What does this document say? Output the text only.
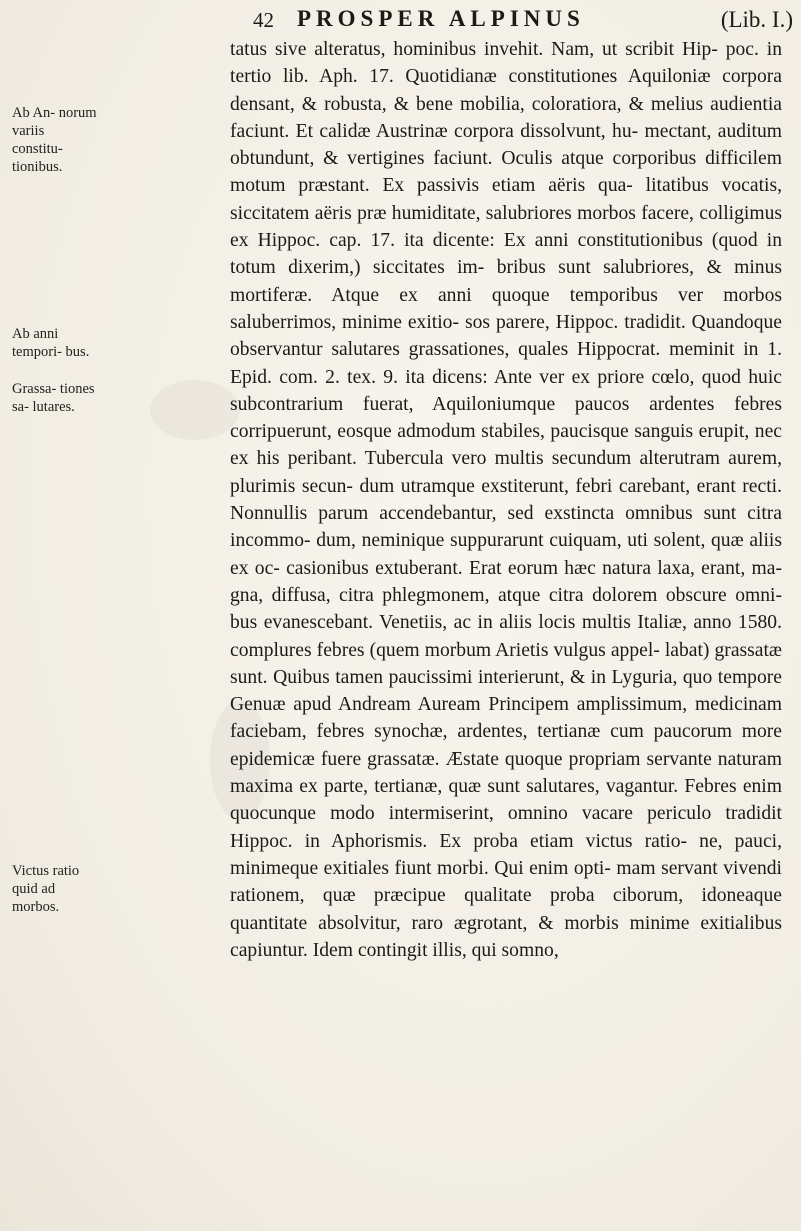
42 PROSPER ALPINUS	(Lib. I.)
Ab An- norum variis constitu- tionibus.
Ab anni tempori- bus.
Grassa- tiones sa- lutares.
Victus ratio quid ad morbos.

tatus sive alteratus, hominibus invehit. Nam, ut scribit Hip- poc. in tertio lib. Aph. 17. Quotidianæ constitutiones Aquiloniæ corpora densant, & robusta, & bene mobilia, coloratiora, & melius audientia faciunt. Et calidæ Austrinæ corpora dissolvunt, hu- mectant, auditum obtundunt, & vertigines faciunt. Oculis atque corporibus difficilem motum præstant. Ex passivis etiam aëris qua- litatibus vocatis, siccitatem aëris præ humiditate, salubriores morbos facere, colligimus ex Hippoc. cap. 17. ita dicente: Ex anni constitutionibus (quod in totum dixerim,) siccitates im- bribus sunt salubriores, & minus mortiferæ. Atque ex anni quoque temporibus ver morbos saluberrimos, minime exitio- sos parere, Hippoc. tradidit. Quandoque observantur salutares grassationes, quales Hippocrat. meminit in 1. Epid. com. 2. tex. 9. ita dicens: Ante ver ex priore cœlo, quod huic subcontrarium fuerat, Aquiloniumque paucos ardentes febres corripuerunt, eosque admodum stabiles, paucisque sanguis erupit, nec ex his peribant. Tubercula vero multis secundum alterutram aurem, plurimis secun- dum utramque exstiterunt, febri carebant, erant recti. Nonnullis parum accendebantur, sed exstincta omnibus sunt citra incommo- dum, neminique suppurarunt cuiquam, uti solent, quæ aliis ex oc- casionibus extuberant. Erat eorum hæc natura laxa, erant, ma- gna, diffusa, citra phlegmonem, atque citra dolorem obscure omni- bus evanescebant. Venetiis, ac in aliis locis multis Italiæ, anno 1580. complures febres (quem morbum Arietis vulgus appel- labat) grassatæ sunt. Quibus tamen paucissimi interierunt, & in Lyguria, quo tempore Genuæ apud Andream Auream Principem amplissimum, medicinam faciebam, febres synochæ, ardentes, tertianæ cum paucorum more epidemicæ fuere grassatæ. Æstate quoque propriam servante naturam maxima ex parte, tertianæ, quæ sunt salutares, vagantur. Febres enim quocunque modo intermiserint, omnino vacare periculo tradidit Hippoc. in Aphorismis. Ex proba etiam victus ratio- ne, pauci, minimeque exitiales fiunt morbi. Qui enim opti- mam servant vivendi rationem, quæ præcipue qualitate proba ciborum, idoneaque quantitate absolvitur, raro ægrotant, & morbis minime exitialibus capiuntur. Idem contingit illis, qui somno,
